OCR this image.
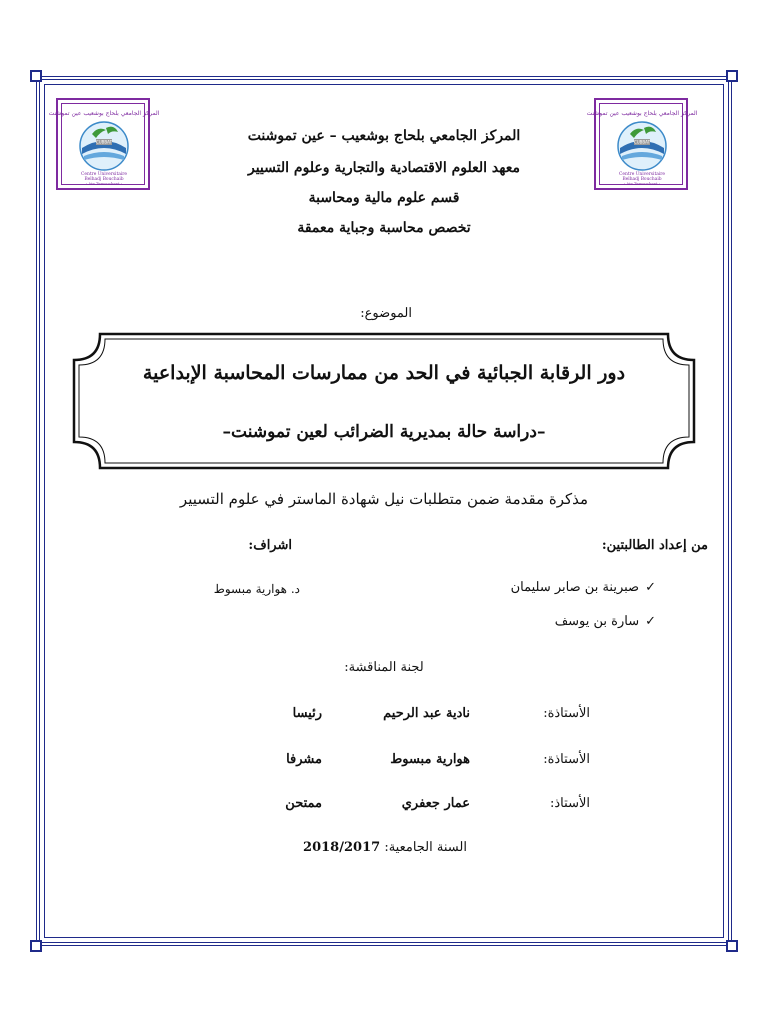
المركز الجامعي بلحاج بوشعيب عين تموشنت
CUBBAT
Centre Universitaire
Belhadj Bouchaib
- Ain Temouchent -
المركز الجامعي بلحاج بوشعيب عين تموشنت
CUBBAT
Centre Universitaire
Belhadj Bouchaib
- Ain Temouchent -
المركز الجامعي بلحاج بوشعيب – عين تموشنت
معهد العلوم الاقتصادية والتجارية وعلوم التسيير
قسم علوم مالية ومحاسبة
تخصص محاسبة وجباية معمقة
الموضوع:
دور الرقابة الجبائية في الحد من ممارسات المحاسبة الإبداعية
–دراسة حالة بمديرية الضرائب لعين تموشنت–
مذكرة مقدمة ضمن متطلبات نيل شهادة الماستر في علوم التسيير
من إعداد الطالبتين:
اشراف:
✓صبرينة بن صابر سليمان
✓سارة بن يوسف
د. هوارية مبسوط
لجنة المناقشة:
الأستاذة:
نادية عبد الرحيم
رئيسا
الأستاذة:
هوارية مبسوط
مشرفا
الأستاذ:
عمار جعفري
ممتحن
السنة الجامعية: 2018/2017
